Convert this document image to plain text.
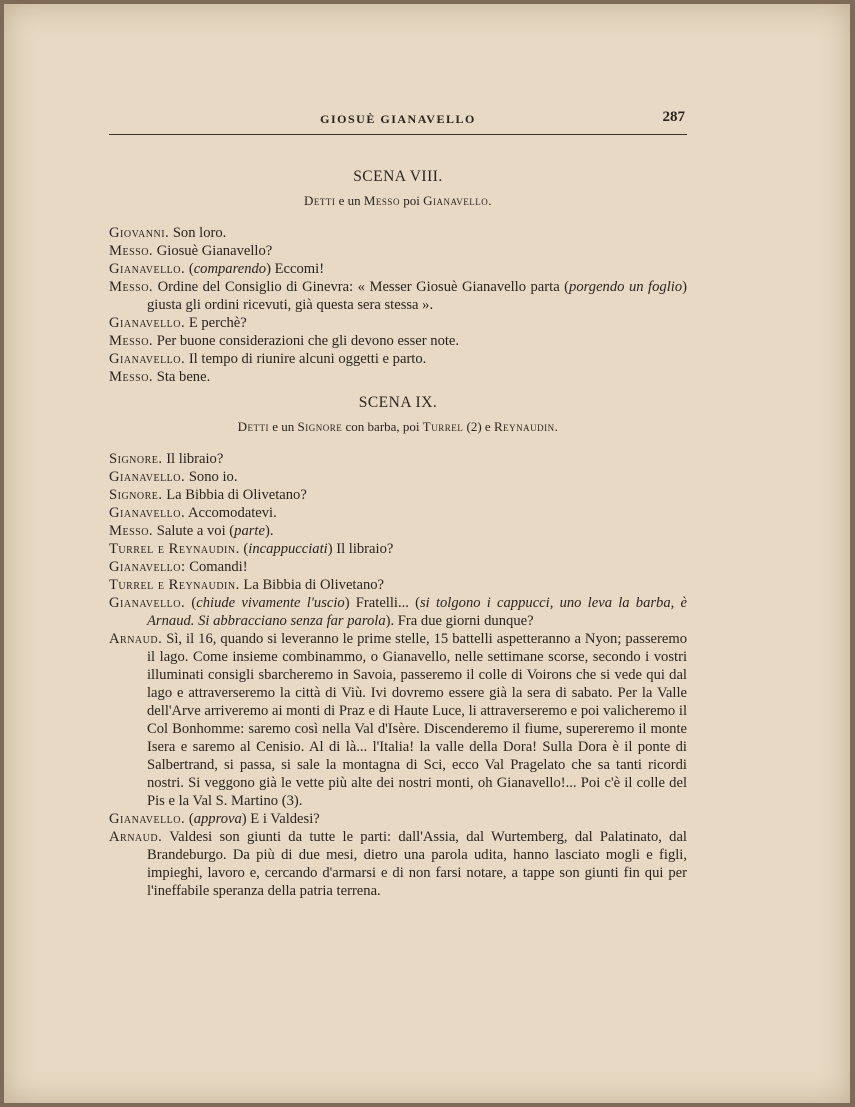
GIOSUÈ GIANAVELLO	287
SCENA VIII.
Detti e un Messo poi Gianavello.

Giovanni. Son loro.

Messo. Giosuè Gianavello?

Gianavello. (comparendo) Eccomi!

Messo. Ordine del Consiglio di Ginevra: « Messer Giosuè Gianavello parta (porgendo un foglio) giusta gli ordini ricevuti, già questa sera stessa ».

Gianavello. E perchè?

Messo. Per buone considerazioni che gli devono esser note.

Gianavello. Il tempo di riunire alcuni oggetti e parto.

Messo. Sta bene.

SCENA IX.
Detti e un Signore con barba, poi Turrel (2) e Reynaudin.

Signore. Il libraio?

Gianavello. Sono io.

Signore. La Bibbia di Olivetano?

Gianavello. Accomodatevi.

Messo. Salute a voi (parte).

Turrel e Reynaudin. (incappucciati) Il libraio?

Gianavello: Comandi!

Turrel e Reynaudin. La Bibbia di Olivetano?

Gianavello. (chiude vivamente l'uscio) Fratelli... (si tolgono i cappucci, uno leva la barba, è Arnaud. Si abbracciano senza far parola). Fra due giorni dunque?

Arnaud. Sì, il 16, quando si leveranno le prime stelle, 15 battelli aspetteranno a Nyon; passeremo il lago. Come insieme combinammo, o Gianavello, nelle settimane scorse, secondo i vostri illuminati consigli sbarcheremo in Savoia, passeremo il colle di Voirons che si vede qui dal lago e attraverseremo la città di Viù. Ivi dovremo essere già la sera di sabato. Per la Valle dell'Arve arriveremo ai monti di Praz e di Haute Luce, li attraverseremo e poi valicheremo il Col Bonhomme: saremo così nella Val d'Isère. Discenderemo il fiume, supereremo il monte Isera e saremo al Cenisio. Al di là... l'Italia! la valle della Dora! Sulla Dora è il ponte di Salbertrand, si passa, si sale la montagna di Sci, ecco Val Pragelato che sa tanti ricordi nostri. Si veggono già le vette più alte dei nostri monti, oh Gianavello!... Poi c'è il colle del Pis e la Val S. Martino (3).

Gianavello. (approva) E i Valdesi?

Arnaud. Valdesi son giunti da tutte le parti: dall'Assia, dal Wurtemberg, dal Palatinato, dal Brandeburgo. Da più di due mesi, dietro una parola udita, hanno lasciato mogli e figli, impieghi, lavoro e, cercando d'armarsi e di non farsi notare, a tappe son giunti fin qui per l'ineffabile speranza della patria terrena.
